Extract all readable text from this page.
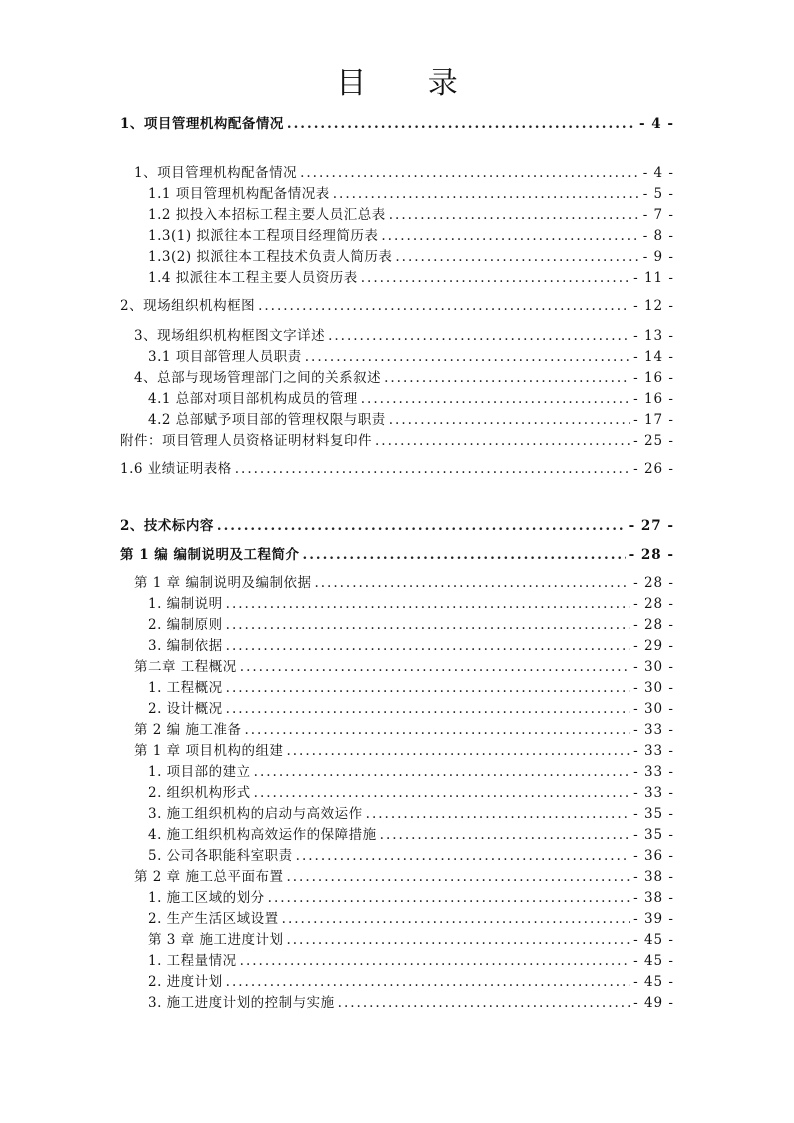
目 录
1、项目管理机构配备情况 .....	- 4 -
1、项目管理机构配备情况 .....	- 4 -
1.1 项目管理机构配备情况表 .....	- 5 -
1.2 拟投入本招标工程主要人员汇总表 .....	- 7 -
1.3(1) 拟派往本工程项目经理简历表 .....	- 8 -
1.3(2) 拟派往本工程技术负责人简历表 .....	- 9 -
1.4 拟派往本工程主要人员资历表 .....	- 11 -
2、现场组织机构框图 .....	- 12 -
3、现场组织机构框图文字详述 .....	- 13 -
3.1 项目部管理人员职责 .....	- 14 -
4、总部与现场管理部门之间的关系叙述 .....	- 16 -
4.1 总部对项目部机构成员的管理 .....	- 16 -
4.2 总部赋予项目部的管理权限与职责 .....	- 17 -
附件：项目管理人员资格证明材料复印件 .....	- 25 -
1.6 业绩证明表格 .....	- 26 -
2、技术标内容 .....	- 27 -
第 1 编 编制说明及工程简介 .....	- 28 -
第 1 章 编制说明及编制依据 .....	- 28 -
1. 编制说明 .....	- 28 -
2. 编制原则 .....	- 28 -
3. 编制依据 .....	- 29 -
第二章 工程概况 .....	- 30 -
1. 工程概况 .....	- 30 -
2. 设计概况 .....	- 30 -
第 2 编 施工准备 .....	- 33 -
第 1 章 项目机构的组建 .....	- 33 -
1. 项目部的建立 .....	- 33 -
2. 组织机构形式 .....	- 33 -
3. 施工组织机构的启动与高效运作 .....	- 35 -
4. 施工组织机构高效运作的保障措施 .....	- 35 -
5. 公司各职能科室职责 .....	- 36 -
第 2 章 施工总平面布置 .....	- 38 -
1. 施工区域的划分 .....	- 38 -
2. 生产生活区域设置 .....	- 39 -
第 3 章 施工进度计划 .....	- 45 -
1. 工程量情况 .....	- 45 -
2. 进度计划 .....	- 45 -
3. 施工进度计划的控制与实施 .....	- 49 -
